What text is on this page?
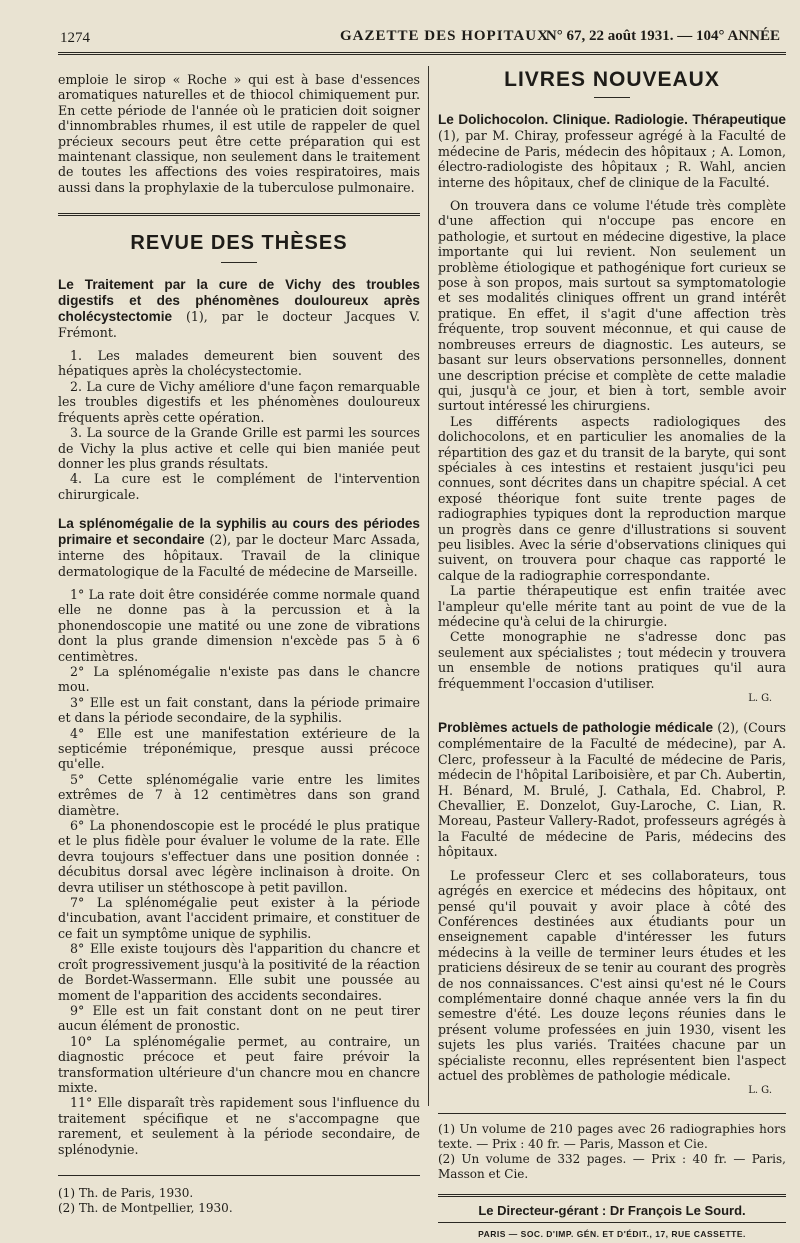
1274	GAZETTE DES HOPITAUX
N° 67, 22 août 1931. — 104° ANNÉE

emploie le sirop « Roche » qui est à base d'essences aromatiques naturelles et de thiocol chimiquement pur. En cette période de l'année où le praticien doit soigner d'innombrables rhumes, il est utile de rappeler de quel précieux secours peut être cette préparation qui est maintenant classique, non seulement dans le traitement de toutes les affections des voies respiratoires, mais aussi dans la prophylaxie de la tuberculose pulmonaire.

REVUE DES THÈSES

Le Traitement par la cure de Vichy des troubles digestifs et des phénomènes douloureux après cholécystectomie (1), par le docteur Jacques V. Frémont.

1. Les malades demeurent bien souvent des hépatiques après la cholécystectomie.

2. La cure de Vichy améliore d'une façon remarquable les troubles digestifs et les phénomènes douloureux fréquents après cette opération.

3. La source de la Grande Grille est parmi les sources de Vichy la plus active et celle qui bien maniée peut donner les plus grands résultats.

4. La cure est le complément de l'intervention chirurgicale.

La splénomégalie de la syphilis au cours des périodes primaire et secondaire (2), par le docteur Marc Assada, interne des hôpitaux. Travail de la clinique dermatologique de la Faculté de médecine de Marseille.

1° La rate doit être considérée comme normale quand elle ne donne pas à la percussion et à la phonendoscopie une matité ou une zone de vibrations dont la plus grande dimension n'excède pas 5 à 6 centimètres.

2° La splénomégalie n'existe pas dans le chancre mou.

3° Elle est un fait constant, dans la période primaire et dans la période secondaire, de la syphilis.

4° Elle est une manifestation extérieure de la septicémie tréponémique, presque aussi précoce qu'elle.

5° Cette splénomégalie varie entre les limites extrêmes de 7 à 12 centimètres dans son grand diamètre.

6° La phonendoscopie est le procédé le plus pratique et le plus fidèle pour évaluer le volume de la rate. Elle devra toujours s'effectuer dans une position donnée : décubitus dorsal avec légère inclinaison à droite. On devra utiliser un stéthoscope à petit pavillon.

7° La splénomégalie peut exister à la période d'incubation, avant l'accident primaire, et constituer de ce fait un symptôme unique de syphilis.

8° Elle existe toujours dès l'apparition du chancre et croît progressivement jusqu'à la positivité de la réaction de Bordet-Wassermann. Elle subit une poussée au moment de l'apparition des accidents secondaires.

9° Elle est un fait constant dont on ne peut tirer aucun élément de pronostic.

10° La splénomégalie permet, au contraire, un diagnostic précoce et peut faire prévoir la transformation ultérieure d'un chancre mou en chancre mixte.

11° Elle disparaît très rapidement sous l'influence du traitement spécifique et ne s'accompagne que rarement, et seulement à la période secondaire, de splénodynie.

(1) Th. de Paris, 1930.

(2) Th. de Montpellier, 1930.

LIVRES NOUVEAUX

Le Dolichocolon. Clinique. Radiologie. Thérapeutique (1), par M. Chiray, professeur agrégé à la Faculté de médecine de Paris, médecin des hôpitaux ; A. Lomon, électro-radiologiste des hôpitaux ; R. Wahl, ancien interne des hôpitaux, chef de clinique de la Faculté.

On trouvera dans ce volume l'étude très complète d'une affection qui n'occupe pas encore en pathologie, et surtout en médecine digestive, la place importante qui lui revient. Non seulement un problème étiologique et pathogénique fort curieux se pose à son propos, mais surtout sa symptomatologie et ses modalités cliniques offrent un grand intérêt pratique. En effet, il s'agit d'une affection très fréquente, trop souvent méconnue, et qui cause de nombreuses erreurs de diagnostic. Les auteurs, se basant sur leurs observations personnelles, donnent une description précise et complète de cette maladie qui, jusqu'à ce jour, et bien à tort, semble avoir surtout intéressé les chirurgiens.

Les différents aspects radiologiques des dolichocolons, et en particulier les anomalies de la répartition des gaz et du transit de la baryte, qui sont spéciales à ces intestins et restaient jusqu'ici peu connues, sont décrites dans un chapitre spécial. A cet exposé théorique font suite trente pages de radiographies typiques dont la reproduction marque un progrès dans ce genre d'illustrations si souvent peu lisibles. Avec la série d'observations cliniques qui suivent, on trouvera pour chaque cas rapporté le calque de la radiographie correspondante.

La partie thérapeutique est enfin traitée avec l'ampleur qu'elle mérite tant au point de vue de la médecine qu'à celui de la chirurgie.

Cette monographie ne s'adresse donc pas seulement aux spécialistes ; tout médecin y trouvera un ensemble de notions pratiques qu'il aura fréquemment l'occasion d'utiliser.

L. G.

Problèmes actuels de pathologie médicale (2), (Cours complémentaire de la Faculté de médecine), par A. Clerc, professeur à la Faculté de médecine de Paris, médecin de l'hôpital Lariboisière, et par Ch. Aubertin, H. Bénard, M. Brulé, J. Cathala, Ed. Chabrol, P. Chevallier, E. Donzelot, Guy-Laroche, C. Lian, R. Moreau, Pasteur Vallery-Radot, professeurs agrégés à la Faculté de médecine de Paris, médecins des hôpitaux.

Le professeur Clerc et ses collaborateurs, tous agrégés en exercice et médecins des hôpitaux, ont pensé qu'il pouvait y avoir place à côté des Conférences destinées aux étudiants pour un enseignement capable d'intéresser les futurs médecins à la veille de terminer leurs études et les praticiens désireux de se tenir au courant des progrès de nos connaissances. C'est ainsi qu'est né le Cours complémentaire donné chaque année vers la fin du semestre d'été. Les douze leçons réunies dans le présent volume professées en juin 1930, visent les sujets les plus variés. Traitées chacune par un spécialiste reconnu, elles représentent bien l'aspect actuel des problèmes de pathologie médicale.

L. G.

(1) Un volume de 210 pages avec 26 radiographies hors texte. — Prix : 40 fr. — Paris, Masson et Cie.

(2) Un volume de 332 pages. — Prix : 40 fr. — Paris, Masson et Cie.

Le Directeur-gérant : Dr François Le Sourd.
PARIS — SOC. D'IMP. GÉN. ET D'ÉDIT., 17, RUE CASSETTE.
